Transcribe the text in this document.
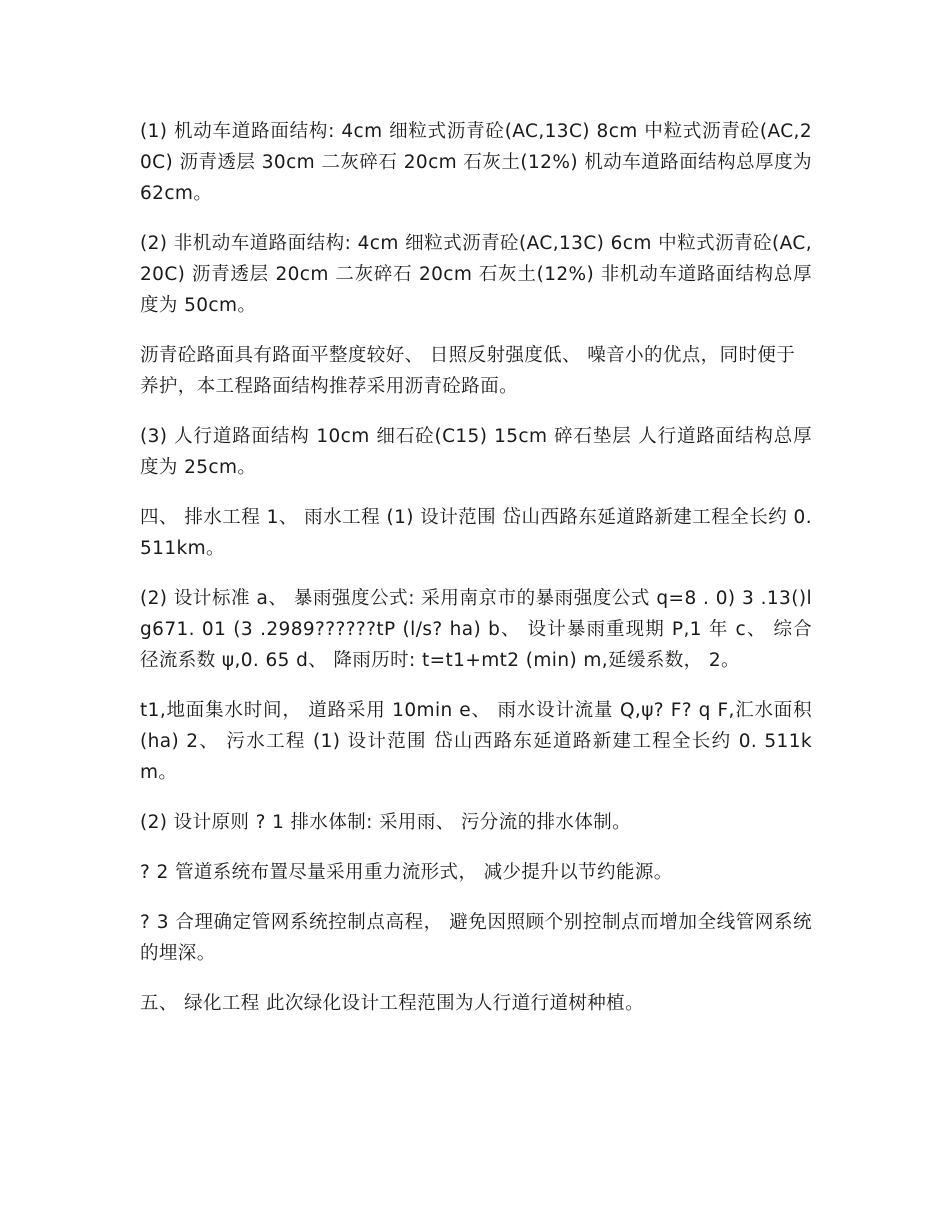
(1) 机动车道路面结构: 4cm 细粒式沥青砼(AC,13C) 8cm 中粒式沥青砼(AC,20C) 沥青透层 30cm 二灰碎石 20cm 石灰土(12%) 机动车道路面结构总厚度为 62cm。

(2) 非机动车道路面结构: 4cm 细粒式沥青砼(AC,13C) 6cm 中粒式沥青砼(AC,20C) 沥青透层 20cm 二灰碎石 20cm 石灰土(12%) 非机动车道路面结构总厚度为 50cm。

沥青砼路面具有路面平整度较好、 日照反射强度低、 噪音小的优点，同时便于养护，本工程路面结构推荐采用沥青砼路面。

(3) 人行道路面结构 10cm 细石砼(C15) 15cm 碎石垫层 人行道路面结构总厚度为 25cm。

四、 排水工程 1、 雨水工程 (1) 设计范围 岱山西路东延道路新建工程全长约 0. 511km。

(2) 设计标准 a、 暴雨强度公式: 采用南京市的暴雨强度公式 q=8 . 0) 3 .13()lg671. 01 (3 .2989??????tP (l/s? ha) b、 设计暴雨重现期 P,1 年 c、 综合径流系数 ψ,0. 65 d、 降雨历时: t=t1+mt2 (min) m,延缓系数， 2。

t1,地面集水时间， 道路采用 10min e、 雨水设计流量 Q,ψ? F? q F,汇水面积(ha) 2、 污水工程 (1) 设计范围 岱山西路东延道路新建工程全长约 0. 511km。

(2) 设计原则 ? 1 排水体制: 采用雨、 污分流的排水体制。

? 2 管道系统布置尽量采用重力流形式， 减少提升以节约能源。

? 3 合理确定管网系统控制点高程， 避免因照顾个别控制点而增加全线管网系统的埋深。

五、 绿化工程 此次绿化设计工程范围为人行道行道树种植。
